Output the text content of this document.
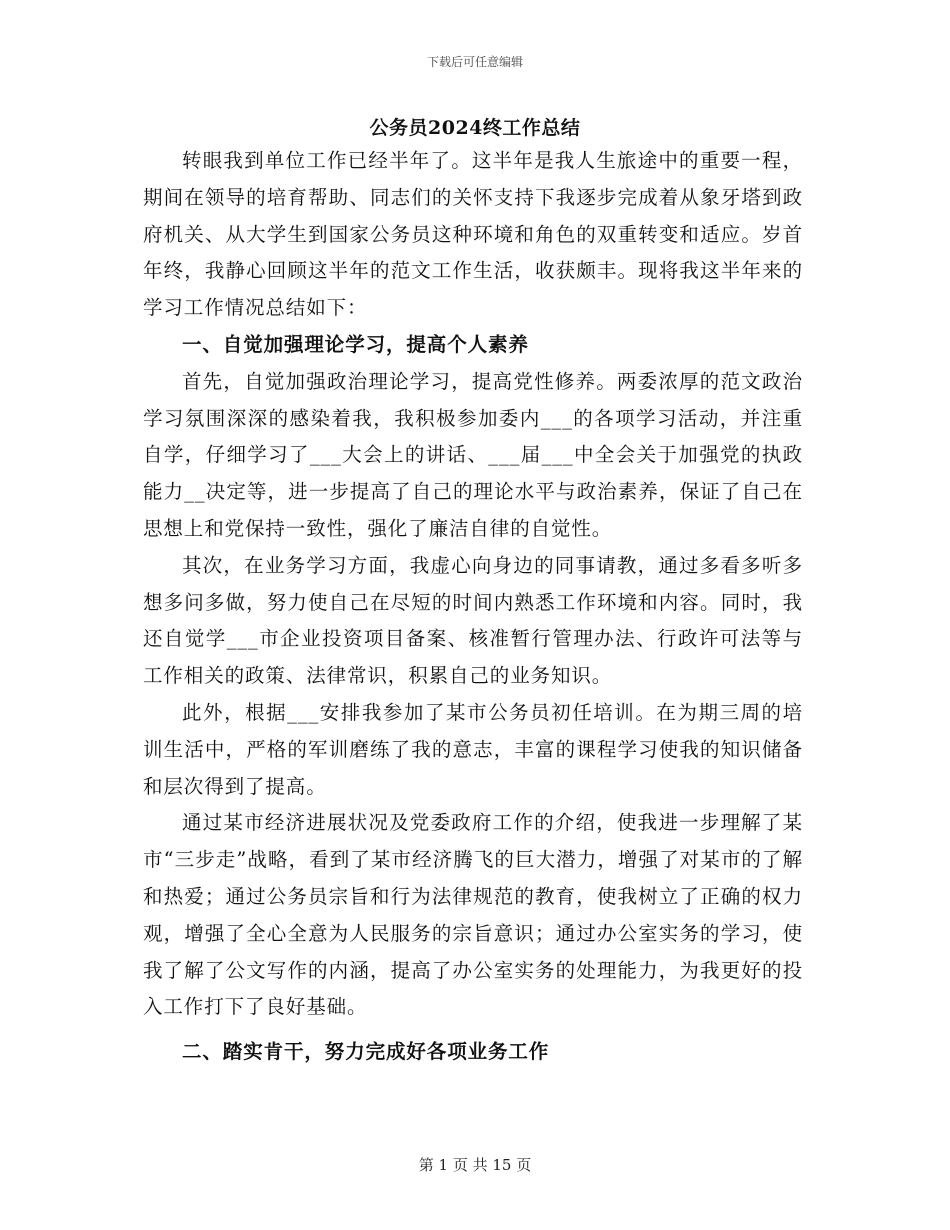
下载后可任意编辑
公务员2024终工作总结

转眼我到单位工作已经半年了。这半年是我人生旅途中的重要一程，期间在领导的培育帮助、同志们的关怀支持下我逐步完成着从象牙塔到政府机关、从大学生到国家公务员这种环境和角色的双重转变和适应。岁首年终，我静心回顾这半年的范文工作生活，收获颇丰。现将我这半年来的学习工作情况总结如下：

一、自觉加强理论学习，提高个人素养

首先，自觉加强政治理论学习，提高党性修养。两委浓厚的范文政治学习氛围深深的感染着我，我积极参加委内___的各项学习活动，并注重自学，仔细学习了___大会上的讲话、___届___中全会关于加强党的执政能力__决定等，进一步提高了自己的理论水平与政治素养，保证了自己在思想上和党保持一致性，强化了廉洁自律的自觉性。

其次，在业务学习方面，我虚心向身边的同事请教，通过多看多听多想多问多做，努力使自己在尽短的时间内熟悉工作环境和内容。同时，我还自觉学___市企业投资项目备案、核准暂行管理办法、行政许可法等与工作相关的政策、法律常识，积累自己的业务知识。

此外，根据___安排我参加了某市公务员初任培训。在为期三周的培训生活中，严格的军训磨练了我的意志，丰富的课程学习使我的知识储备和层次得到了提高。

通过某市经济进展状况及党委政府工作的介绍，使我进一步理解了某市“三步走”战略，看到了某市经济腾飞的巨大潜力，增强了对某市的了解和热爱；通过公务员宗旨和行为法律规范的教育，使我树立了正确的权力观，增强了全心全意为人民服务的宗旨意识；通过办公室实务的学习，使我了解了公文写作的内涵，提高了办公室实务的处理能力，为我更好的投入工作打下了良好基础。

二、踏实肯干，努力完成好各项业务工作

第 1 页 共 15 页
